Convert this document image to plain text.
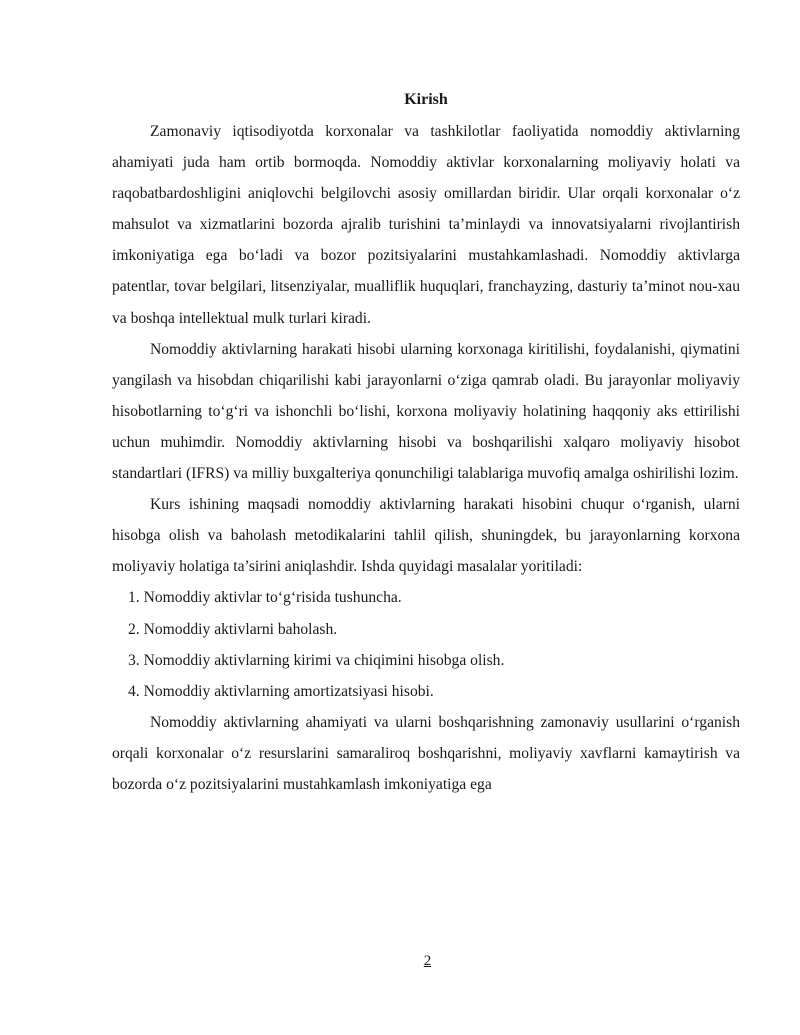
Kirish

Zamonaviy iqtisodiyotda korxonalar va tashkilotlar faoliyatida nomoddiy aktivlarning ahamiyati juda ham ortib bormoqda. Nomoddiy aktivlar korxonalarning moliyaviy holati va raqobatbardoshligini aniqlovchi belgilovchi asosiy omillardan biridir. Ular orqali korxonalar o‘z mahsulot va xizmatlarini bozorda ajralib turishini ta’minlaydi va innovatsiyalarni rivojlantirish imkoniyatiga ega bo‘ladi va bozor pozitsiyalarini mustahkamlashadi. Nomoddiy aktivlarga patentlar, tovar belgilari, litsenziyalar, mualliflik huquqlari, franchayzing, dasturiy ta’minot nou-xau va boshqa intellektual mulk turlari kiradi.

Nomoddiy aktivlarning harakati hisobi ularning korxonaga kiritilishi, foydalanishi, qiymatini yangilash va hisobdan chiqarilishi kabi jarayonlarni o‘ziga qamrab oladi. Bu jarayonlar moliyaviy hisobotlarning to‘g‘ri va ishonchli bo‘lishi, korxona moliyaviy holatining haqqoniy aks ettirilishi uchun muhimdir. Nomoddiy aktivlarning hisobi va boshqarilishi xalqaro moliyaviy hisobot standartlari (IFRS) va milliy buxgalteriya qonunchiligi talablariga muvofiq amalga oshirilishi lozim.

Kurs ishining maqsadi nomoddiy aktivlarning harakati hisobini chuqur o‘rganish, ularni hisobga olish va baholash metodikalarini tahlil qilish, shuningdek, bu jarayonlarning korxona moliyaviy holatiga ta’sirini aniqlashdir. Ishda quyidagi masalalar yoritiladi:

1. Nomoddiy aktivlar to‘g‘risida tushuncha.
2. Nomoddiy aktivlarni baholash.
3. Nomoddiy aktivlarning kirimi va chiqimini hisobga olish.
4. Nomoddiy aktivlarning amortizatsiyasi hisobi.

Nomoddiy aktivlarning ahamiyati va ularni boshqarishning zamonaviy usullarini o‘rganish orqali korxonalar o‘z resurslarini samaraliroq boshqarishni, moliyaviy xavflarni kamaytirish va bozorda o‘z pozitsiyalarini mustahkamlash imkoniyatiga ega

2
